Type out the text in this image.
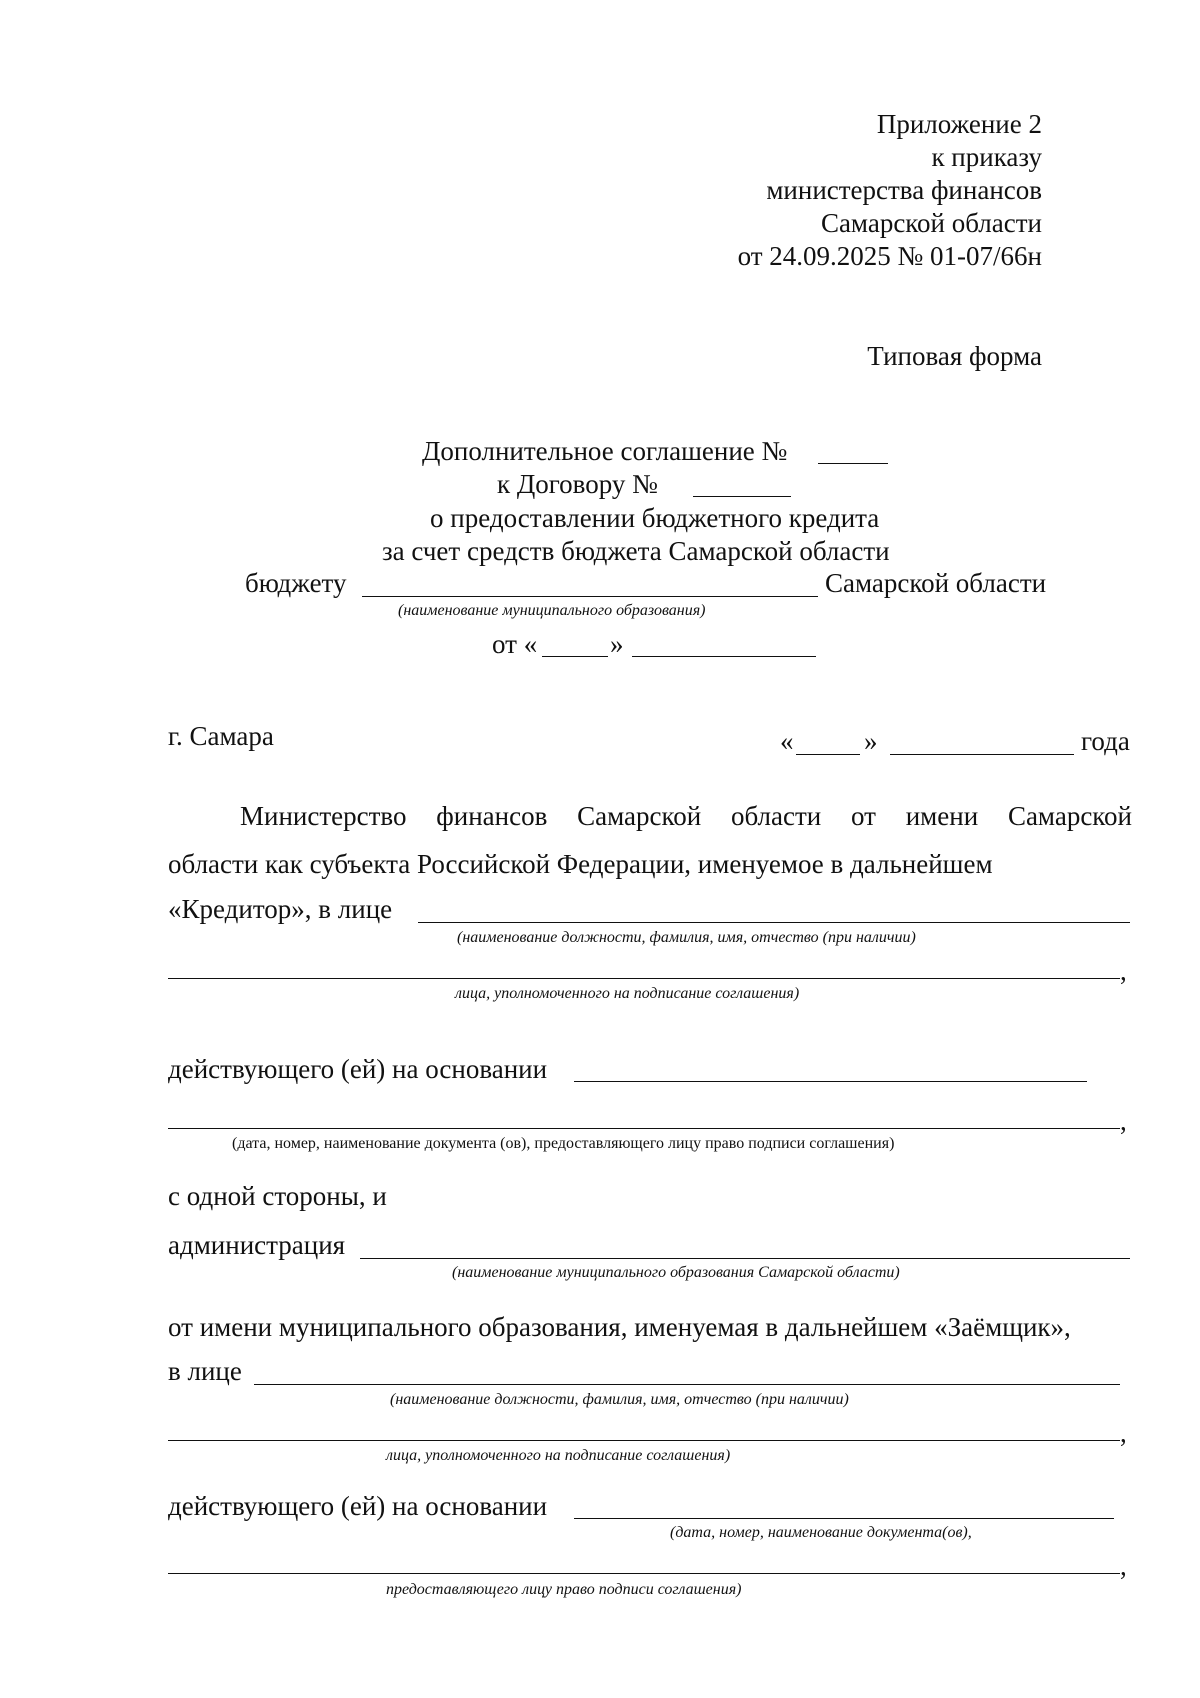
Приложение 2
к приказу
министерства финансов
Самарской области
от 24.09.2025 № 01-07/66н
Типовая форма
Дополнительное соглашение №
к Договору №
о предоставлении бюджетного кредита
за счет средств бюджета Самарской области
бюджету	Самарской области
(наименование муниципального образования)
от «	»
г. Самара	«	»	года
Министерство финансов Самарской области от имени Самарской
области как субъекта Российской Федерации, именуемое в дальнейшем
«Кредитор», в лице
(наименование должности, фамилия, имя, отчество (при наличии)
,
лица, уполномоченного на подписание соглашения)
действующего (ей) на основании
,
(дата, номер, наименование документа (ов), предоставляющего лицу право подписи соглашения)
с одной стороны, и
администрация
(наименование муниципального образования Самарской области)
от имени муниципального образования, именуемая в дальнейшем «Заёмщик»,
в лице
(наименование должности, фамилия, имя, отчество (при наличии)
,
лица, уполномоченного на подписание соглашения)
действующего (ей) на основании
(дата, номер, наименование документа(ов),
,
предоставляющего лицу право подписи соглашения)
